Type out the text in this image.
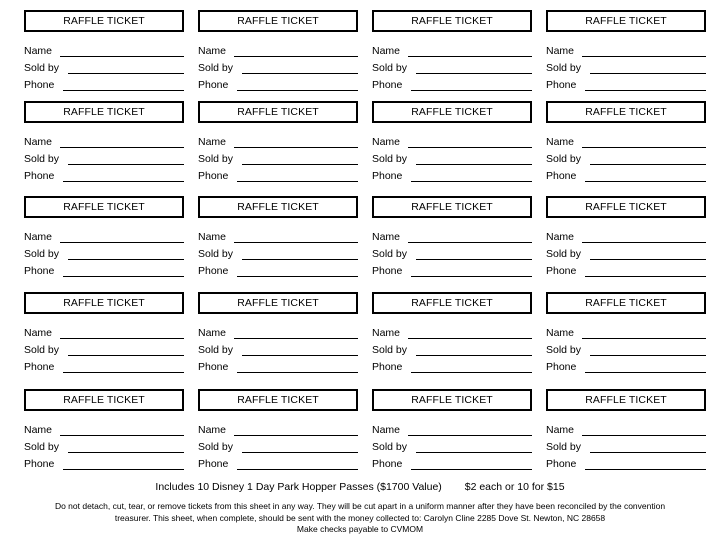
RAFFLE TICKET
Name
Sold by
Phone
RAFFLE TICKET
Name
Sold by
Phone
RAFFLE TICKET
Name
Sold by
Phone
RAFFLE TICKET
Name
Sold by
Phone
RAFFLE TICKET
Name
Sold by
Phone
RAFFLE TICKET
Name
Sold by
Phone
RAFFLE TICKET
Name
Sold by
Phone
RAFFLE TICKET
Name
Sold by
Phone
RAFFLE TICKET
Name
Sold by
Phone
RAFFLE TICKET
Name
Sold by
Phone
RAFFLE TICKET
Name
Sold by
Phone
RAFFLE TICKET
Name
Sold by
Phone
RAFFLE TICKET
Name
Sold by
Phone
RAFFLE TICKET
Name
Sold by
Phone
RAFFLE TICKET
Name
Sold by
Phone
RAFFLE TICKET
Name
Sold by
Phone
RAFFLE TICKET
Name
Sold by
Phone
RAFFLE TICKET
Name
Sold by
Phone
RAFFLE TICKET
Name
Sold by
Phone
RAFFLE TICKET
Name
Sold by
Phone
Includes 10 Disney 1 Day Park Hopper Passes ($1700 Value) $2 each or 10 for $15
Do not detach, cut, tear, or remove tickets from this sheet in any way. They will be cut apart in a uniform manner after they have been reconciled by the convention
treasurer. This sheet, when complete, should be sent with the money collected to: Carolyn Cline 2285 Dove St. Newton, NC 28658
Make checks payable to CVMOM
